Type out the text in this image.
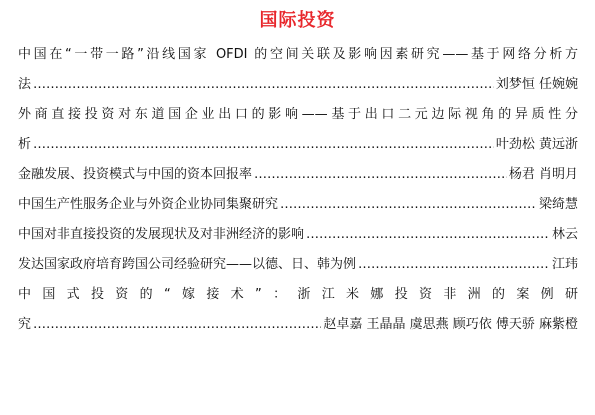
国际投资
中国在“一带一路”沿线国家 OFDI 的空间关联及影响因素研究——基于网络分析方
法 ………………………………………………………………………………………………………………………………………………………………………………………………………………………………………………………	刘梦恒 任婉婉
外商直接投资对东道国企业出口的影响——基于出口二元边际视角的异质性分
析 ………………………………………………………………………………………………………………………………………………………………………………………………………………………………………………………	叶劲松 黄远浙
金融发展、投资模式与中国的资本回报率 ………………………………………………………………………………………………………………………………………………………………………………………………………………………………………………………	杨君 肖明月
中国生产性服务企业与外资企业协同集聚研究 ………………………………………………………………………………………………………………………………………………………………………………………………………………………………………………………	梁绮慧
中国对非直接投资的发展现状及对非洲经济的影响 ………………………………………………………………………………………………………………………………………………………………………………………………………………………………………………………	林云
发达国家政府培育跨国公司经验研究——以德、日、韩为例 ………………………………………………………………………………………………………………………………………………………………………………………………………………………………………………………	江玮
中国式投资的“嫁接术”：浙江米娜投资非洲的案例研
究 ………………………………………………………………………………………………………………………………………………………………………………………………………………………………………………………	赵卓嘉 王晶晶 虞思燕 顾巧依 傅天骄 麻紫橙
